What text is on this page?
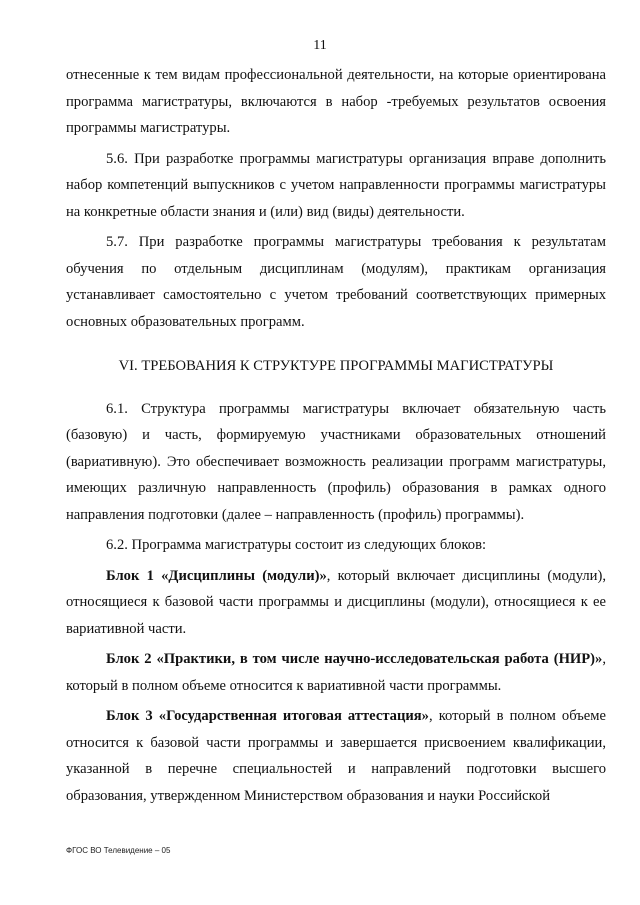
11

отнесенные к тем видам профессиональной деятельности, на которые ориентирована программа магистратуры, включаются в набор -требуемых результатов освоения программы магистратуры.

5.6. При разработке программы магистратуры организация вправе дополнить набор компетенций выпускников с учетом направленности программы магистратуры на конкретные области знания и (или) вид (виды) деятельности.

5.7. При разработке программы магистратуры требования к результатам обучения по отдельным дисциплинам (модулям), практикам организация устанавливает самостоятельно с учетом требований соответствующих примерных основных образовательных программ.

VI. ТРЕБОВАНИЯ К СТРУКТУРЕ ПРОГРАММЫ МАГИСТРАТУРЫ

6.1. Структура программы магистратуры включает обязательную часть (базовую) и часть, формируемую участниками образовательных отношений (вариативную). Это обеспечивает возможность реализации программ магистратуры, имеющих различную направленность (профиль) образования в рамках одного направления подготовки (далее – направленность (профиль) программы).

6.2. Программа магистратуры состоит из следующих блоков:

Блок 1 «Дисциплины (модули)», который включает дисциплины (модули), относящиеся к базовой части программы и дисциплины (модули), относящиеся к ее вариативной части.

Блок 2 «Практики, в том числе научно-исследовательская работа (НИР)», который в полном объеме относится к вариативной части программы.

Блок 3 «Государственная итоговая аттестация», который в полном объеме относится к базовой части программы и завершается присвоением квалификации, указанной в перечне специальностей и направлений подготовки высшего образования, утвержденном Министерством образования и науки Российской

ФГОС ВО Телевидение – 05
